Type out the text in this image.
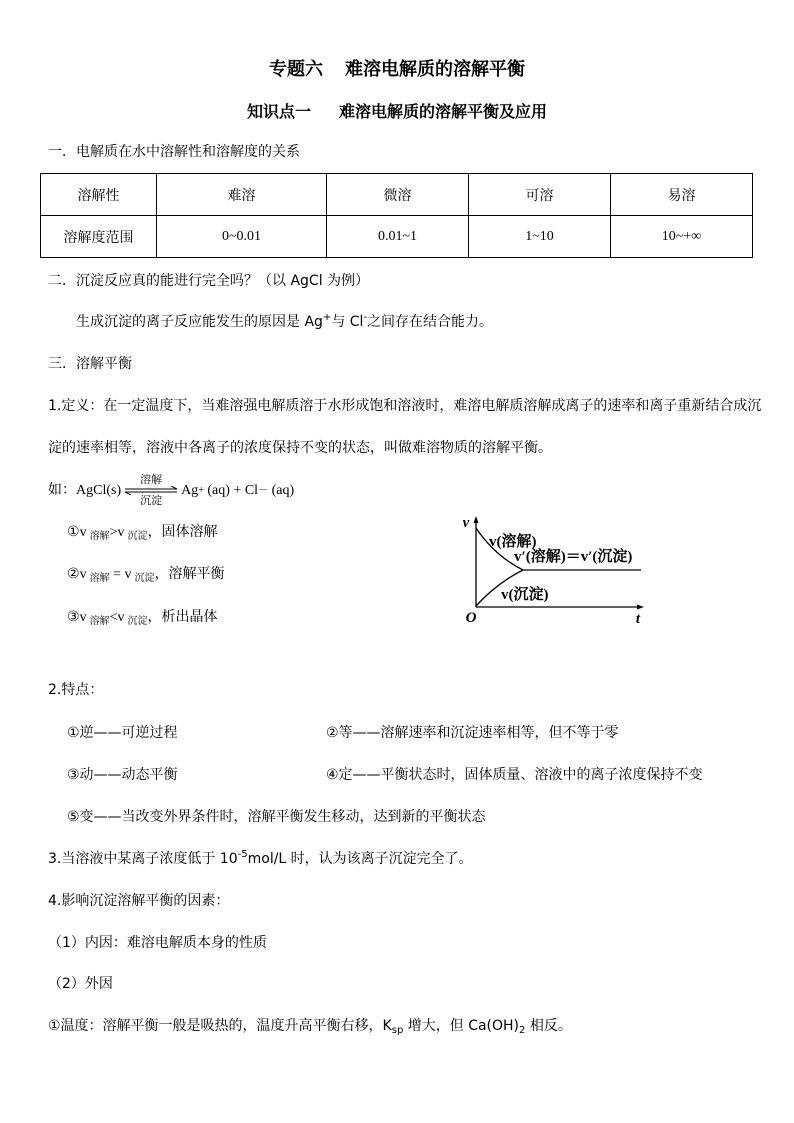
专题六 难溶电解质的溶解平衡
知识点一 难溶电解质的溶解平衡及应用
一．电解质在水中溶解性和溶解度的关系
溶解性	难溶	微溶	可溶	易溶
溶解度范围	0~0.01	0.01~1	1~10	10~+∞
二．沉淀反应真的能进行完全吗？（以 AgCl 为例）
生成沉淀的离子反应能发生的原因是 Ag+与 Cl-之间存在结合能力。
三．溶解平衡
1.定义：在一定温度下，当难溶强电解质溶于水形成饱和溶液时，难溶电解质溶解成离子的速率和离子重新结合成沉
淀的速率相等，溶液中各离子的浓度保持不变的状态，叫做难溶物质的溶解平衡。
如：AgCl(s)
溶解
沉淀
Ag + (aq) + Cl － (aq)
①v $_{溶解}$>v $_{沉淀}$，固体溶解
②v $_{溶解}$ = v $_{沉淀}$，溶解平衡
③v $_{溶解}$<v $_{沉淀}$，析出晶体
v
O	t
v(溶解)
v′(溶解)＝v′(沉淀)
v(沉淀)
2.特点：
①逆——可逆过程	②等——溶解速率和沉淀速率相等，但不等于零
③动——动态平衡	④定——平衡状态时，固体质量、溶液中的离子浓度保持不变
⑤变——当改变外界条件时，溶解平衡发生移动，达到新的平衡状态
3.当溶液中某离子浓度低于 $10^{-5}mol/L$ 时，认为该离子沉淀完全了。
4.影响沉淀溶解平衡的因素：
（1）内因：难溶电解质本身的性质
（2）外因
①温度：溶解平衡一般是吸热的，温度升高平衡右移，$K_{sp}$ 增大，但 $Ca(OH)_2$ 相反。
